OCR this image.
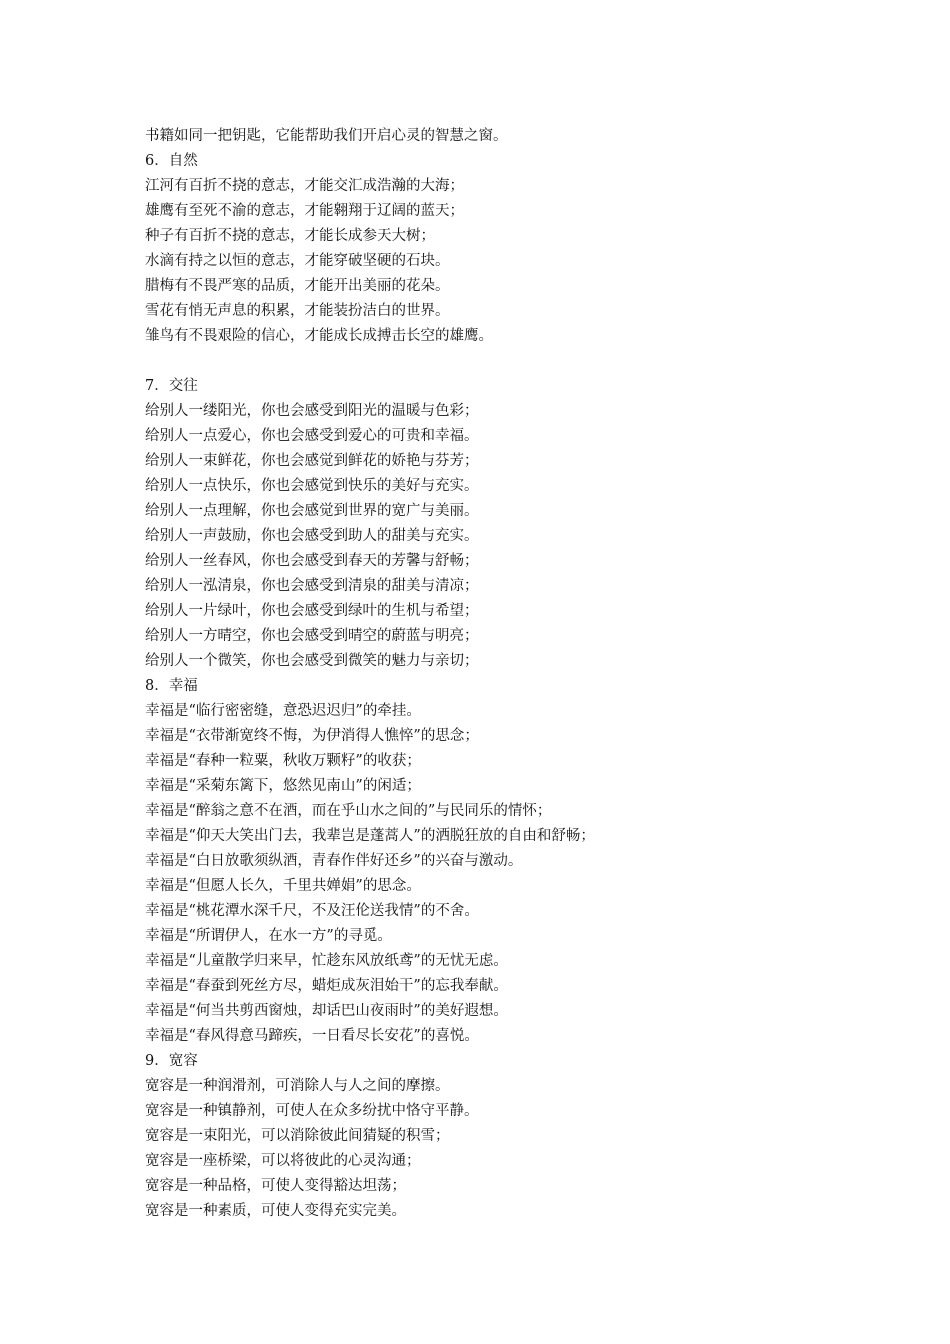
书籍如同一把钥匙，它能帮助我们开启心灵的智慧之窗。
6．自然
江河有百折不挠的意志，才能交汇成浩瀚的大海；
雄鹰有至死不渝的意志，才能翱翔于辽阔的蓝天；
种子有百折不挠的意志，才能长成参天大树；
水滴有持之以恒的意志，才能穿破坚硬的石块。
腊梅有不畏严寒的品质，才能开出美丽的花朵。
雪花有悄无声息的积累，才能装扮洁白的世界。
雏鸟有不畏艰险的信心，才能成长成搏击长空的雄鹰。
7．交往
给别人一缕阳光，你也会感受到阳光的温暖与色彩；
给别人一点爱心，你也会感受到爱心的可贵和幸福。
给别人一束鲜花，你也会感觉到鲜花的娇艳与芬芳；
给别人一点快乐，你也会感觉到快乐的美好与充实。
给别人一点理解，你也会感觉到世界的宽广与美丽。
给别人一声鼓励，你也会感受到助人的甜美与充实。
给别人一丝春风，你也会感受到春天的芳馨与舒畅；
给别人一泓清泉，你也会感受到清泉的甜美与清凉；
给别人一片绿叶，你也会感受到绿叶的生机与希望；
给别人一方晴空，你也会感受到晴空的蔚蓝与明亮；
给别人一个微笑，你也会感受到微笑的魅力与亲切；
8．幸福
幸福是“临行密密缝，意恐迟迟归”的牵挂。
幸福是“衣带渐宽终不悔，为伊消得人憔悴”的思念；
幸福是“春种一粒粟，秋收万颗籽”的收获；
幸福是“采菊东篱下，悠然见南山”的闲适；
幸福是“醉翁之意不在酒，而在乎山水之间的”与民同乐的情怀；
幸福是“仰天大笑出门去，我辈岂是蓬蒿人”的洒脱狂放的自由和舒畅；
幸福是“白日放歌须纵酒，青春作伴好还乡”的兴奋与激动。
幸福是“但愿人长久，千里共婵娟”的思念。
幸福是“桃花潭水深千尺，不及汪伦送我情”的不舍。
幸福是“所谓伊人，在水一方”的寻觅。
幸福是“儿童散学归来早，忙趁东风放纸鸢”的无忧无虑。
幸福是“春蚕到死丝方尽，蜡炬成灰泪始干”的忘我奉献。
幸福是“何当共剪西窗烛，却话巴山夜雨时”的美好遐想。
幸福是“春风得意马蹄疾，一日看尽长安花”的喜悦。
9．宽容
宽容是一种润滑剂，可消除人与人之间的摩擦。
宽容是一种镇静剂，可使人在众多纷扰中恪守平静。
宽容是一束阳光，可以消除彼此间猜疑的积雪；
宽容是一座桥梁，可以将彼此的心灵沟通；
宽容是一种品格，可使人变得豁达坦荡；
宽容是一种素质，可使人变得充实完美。
